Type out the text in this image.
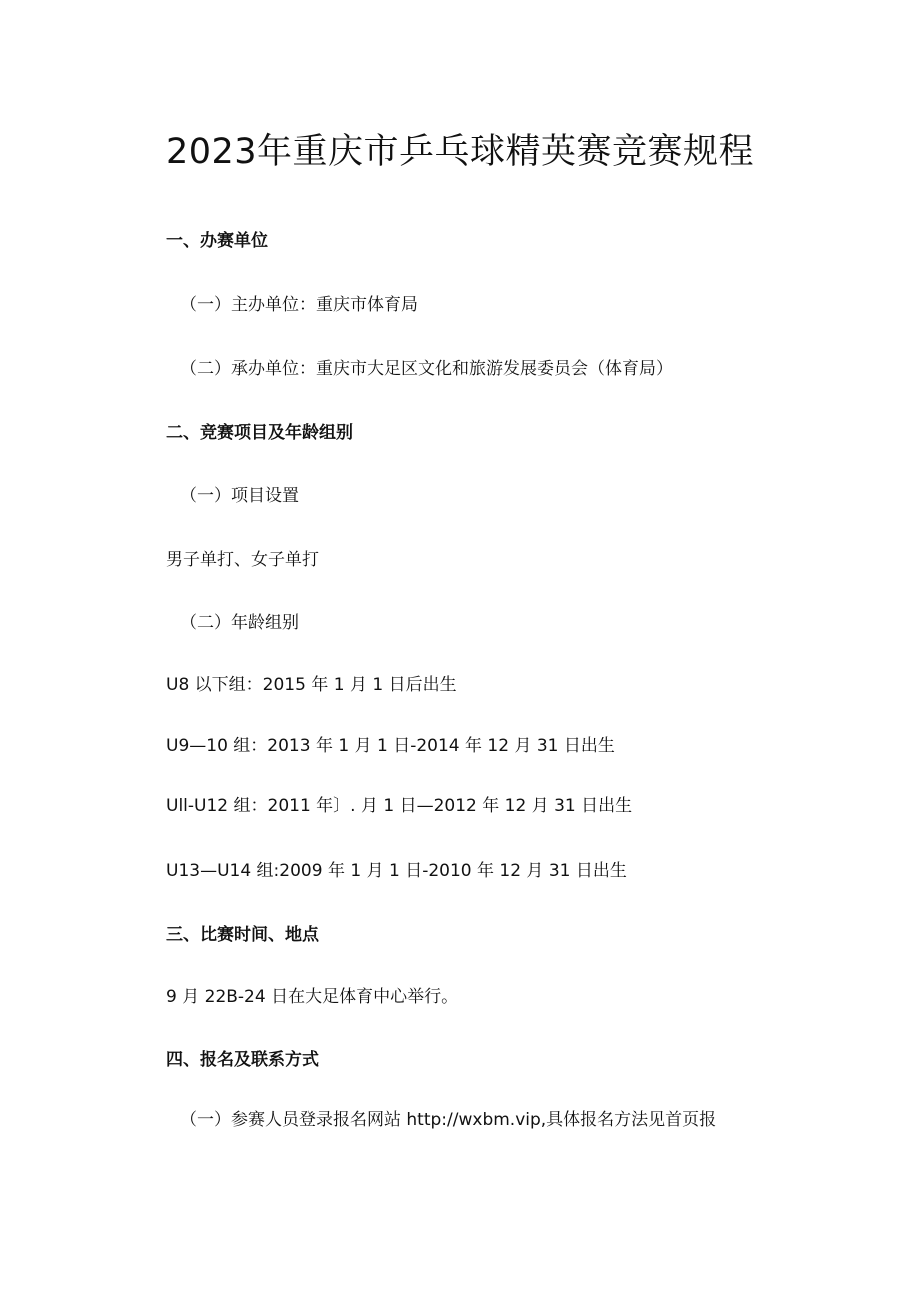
2023年重庆市乒乓球精英赛竞赛规程
一、办赛单位
（一）主办单位：重庆市体育局
（二）承办单位：重庆市大足区文化和旅游发展委员会（体育局）
二、竞赛项目及年龄组别
（一）项目设置
男子单打、女子单打
（二）年龄组别
U8 以下组：2015 年 1 月 1 日后出生
U9—10 组：2013 年 1 月 1 日-2014 年 12 月 31 日出生
Ull-U12 组：2011 年〕. 月 1 日—2012 年 12 月 31 日出生
U13—U14 组:2009 年 1 月 1 日-2010 年 12 月 31 日出生
三、比赛时间、地点
9 月 22B-24 日在大足体育中心举行。
四、报名及联系方式
（一）参赛人员登录报名网站 http://wxbm.vip,具体报名方法见首页报
